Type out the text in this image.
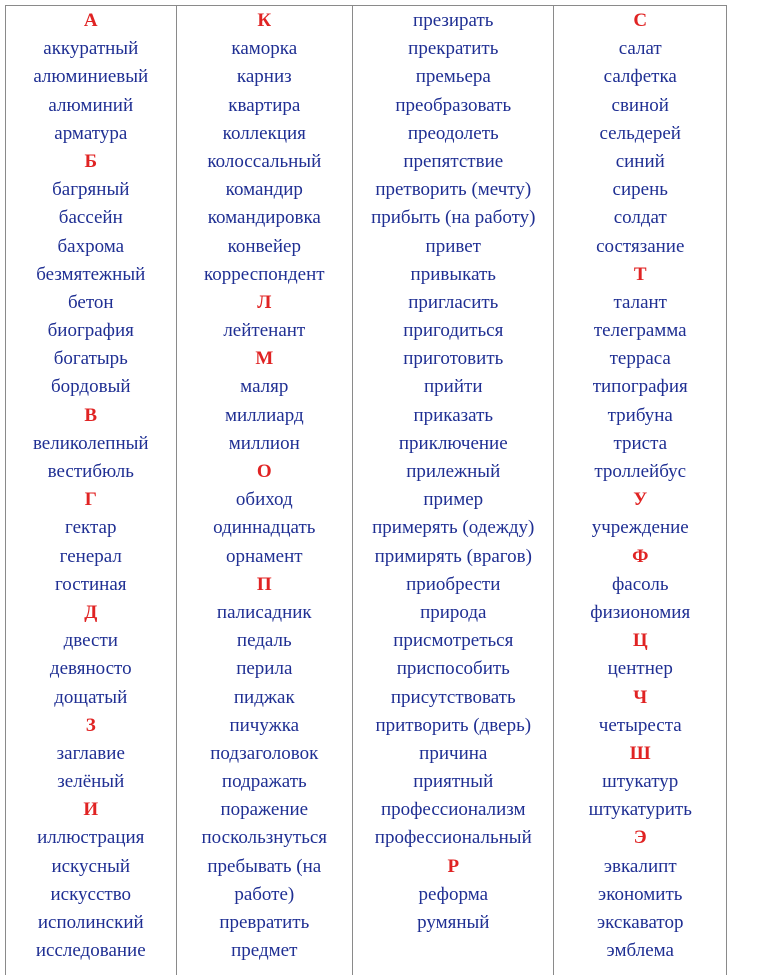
А
аккуратный
алюминиевый
алюминий
арматура
Б
багряный
бассейн
бахрома
безмятежный
бетон
биография
богатырь
бордовый
В
великолепный
вестибюль
Г
гектар
генерал
гостиная
Д
двести
девяносто
дощатый
З
заглавие
зелёный
И
иллюстрация
искусный
искусство
исполинский
исследование
К
каморка
карниз
квартира
коллекция
колоссальный
командир
командировка
конвейер
корреспондент
Л
лейтенант
М
маляр
миллиард
миллион
О
обиход
одиннадцать
орнамент
П
палисадник
педаль
перила
пиджак
пичужка
подзаголовок
подражать
поражение
поскользнуться
пребывать (на
работе)
превратить
предмет
презирать
прекратить
премьера
преобразовать
преодолеть
препятствие
претворить (мечту)
прибыть (на работу)
привет
привыкать
пригласить
пригодиться
приготовить
прийти
приказать
приключение
прилежный
пример
примерять (одежду)
примирять (врагов)
приобрести
природа
присмотреться
приспособить
присутствовать
притворить (дверь)
причина
приятный
профессионализм
профессиональный
Р
реформа
румяный
С
салат
салфетка
свиной
сельдерей
синий
сирень
солдат
состязание
Т
талант
телеграмма
терраса
типография
трибуна
триста
троллейбус
У
учреждение
Ф
фасоль
физиономия
Ц
центнер
Ч
четыреста
Ш
штукатур
штукатурить
Э
эвкалипт
экономить
экскаватор
эмблема
